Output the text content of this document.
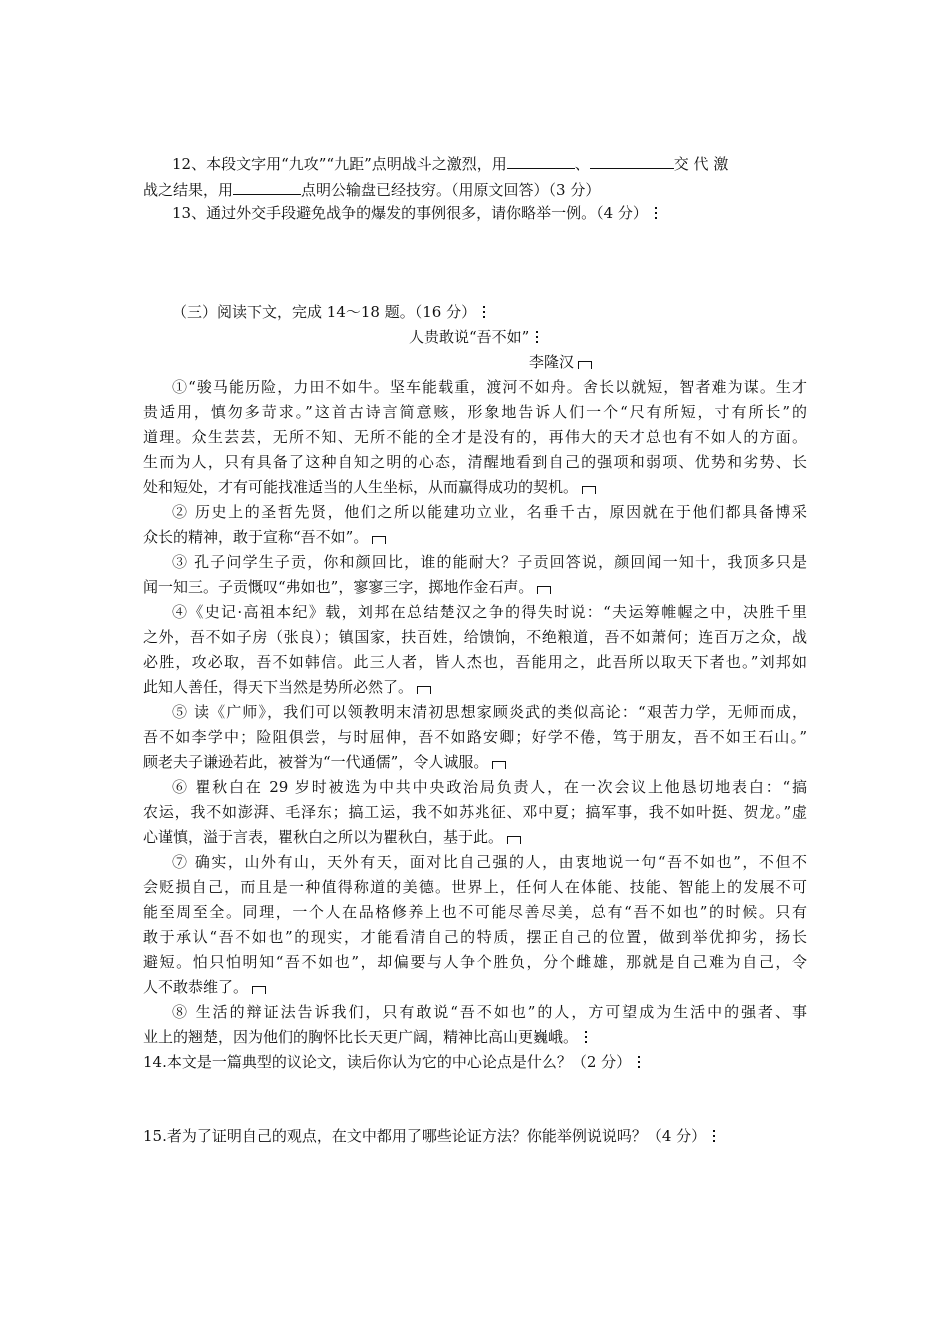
12、本段文字用“九攻”“九距”点明战斗之激烈，用	、	交 代 激
战之结果，用	点明公输盘已经技穷。（用原文回答）（3 分）
13、通过外交手段避免战争的爆发的事例很多，请你略举一例。（4 分）
（三）阅读下文，完成 14～18 题。（16 分）
人贵敢说“吾不如”
李隆汉
①“骏马能历险，力田不如牛。坚车能载重，渡河不如舟。舍长以就短，智者难为谋。生才
贵适用，慎勿多苛求。”这首古诗言简意赅，形象地告诉人们一个“尺有所短，寸有所长”的
道理。众生芸芸，无所不知、无所不能的全才是没有的，再伟大的天才总也有不如人的方面。
生而为人，只有具备了这种自知之明的心态，清醒地看到自己的强项和弱项、优势和劣势、长
处和短处，才有可能找准适当的人生坐标，从而赢得成功的契机。
② 历史上的圣哲先贤，他们之所以能建功立业，名垂千古，原因就在于他们都具备博采
众长的精神，敢于宣称“吾不如”。
③ 孔子问学生子贡，你和颜回比，谁的能耐大？子贡回答说，颜回闻一知十，我顶多只是
闻一知三。子贡慨叹“弗如也”，寥寥三字，掷地作金石声。
④《史记·高祖本纪》载，刘邦在总结楚汉之争的得失时说：“夫运筹帷幄之中，决胜千里
之外，吾不如子房（张良）；镇国家，扶百姓，给馈饷，不绝粮道，吾不如萧何；连百万之众，战
必胜，攻必取，吾不如韩信。此三人者，皆人杰也，吾能用之，此吾所以取天下者也。”刘邦如
此知人善任，得天下当然是势所必然了。
⑤ 读《广师》，我们可以领教明末清初思想家顾炎武的类似高论：“艰苦力学，无师而成，
吾不如李学中；险阻俱尝，与时屈伸，吾不如路安卿；好学不倦，笃于朋友，吾不如王石山。”
顾老夫子谦逊若此，被誉为“一代通儒”，令人诚服。
⑥ 瞿秋白在 29 岁时被选为中共中央政治局负责人，在一次会议上他恳切地表白：“搞
农运，我不如澎湃、毛泽东；搞工运，我不如苏兆征、邓中夏；搞军事，我不如叶挺、贺龙。”虚
心谨慎，溢于言表，瞿秋白之所以为瞿秋白，基于此。
⑦ 确实，山外有山，天外有天，面对比自己强的人，由衷地说一句“吾不如也”，不但不
会贬损自己，而且是一种值得称道的美德。世界上，任何人在体能、技能、智能上的发展不可
能至周至全。同理，一个人在品格修养上也不可能尽善尽美，总有“吾不如也”的时候。只有
敢于承认“吾不如也”的现实，才能看清自己的特质，摆正自己的位置，做到举优抑劣，扬长
避短。怕只怕明知“吾不如也”，却偏要与人争个胜负，分个雌雄，那就是自己难为自己，令
人不敢恭维了。
⑧ 生活的辩证法告诉我们，只有敢说“吾不如也”的人，方可望成为生活中的强者、事
业上的翘楚，因为他们的胸怀比长天更广阔，精神比高山更巍峨。
14.本文是一篇典型的议论文，读后你认为它的中心论点是什么？（2 分）
15.者为了证明自己的观点，在文中都用了哪些论证方法？你能举例说说吗？（4 分）
